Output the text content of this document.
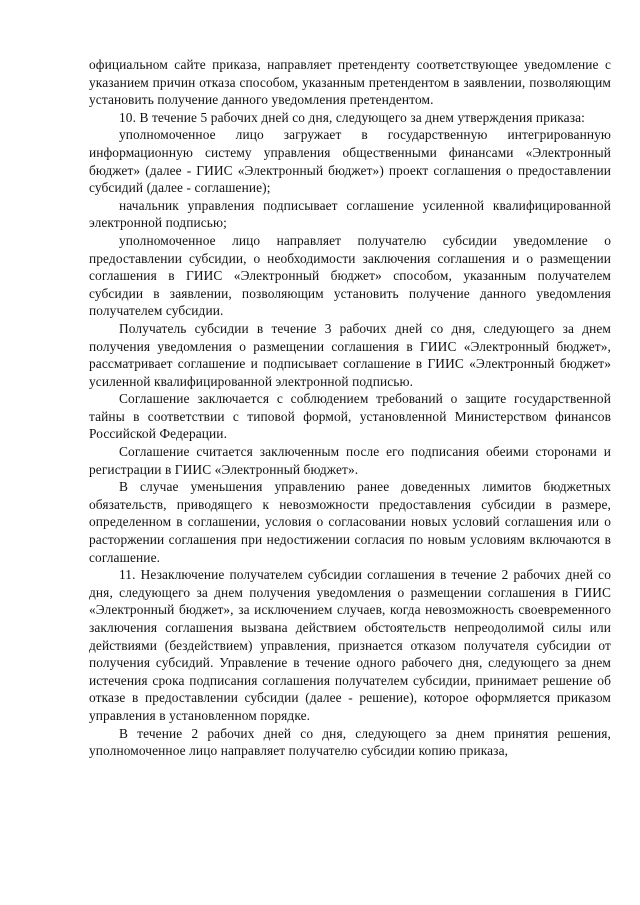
официальном сайте приказа, направляет претенденту соответствующее уведомление с указанием причин отказа способом, указанным претендентом в заявлении, позволяющим установить получение данного уведомления претендентом.

10. В течение 5 рабочих дней со дня, следующего за днем утверждения приказа:

уполномоченное лицо загружает в государственную интегрированную информационную систему управления общественными финансами «Электронный бюджет» (далее - ГИИС «Электронный бюджет») проект соглашения о предоставлении субсидий (далее - соглашение);

начальник управления подписывает соглашение усиленной квалифицированной электронной подписью;

уполномоченное лицо направляет получателю субсидии уведомление о предоставлении субсидии, о необходимости заключения соглашения и о размещении соглашения в ГИИС «Электронный бюджет» способом, указанным получателем субсидии в заявлении, позволяющим установить получение данного уведомления получателем субсидии.

Получатель субсидии в течение 3 рабочих дней со дня, следующего за днем получения уведомления о размещении соглашения в ГИИС «Электронный бюджет», рассматривает соглашение и подписывает соглашение в ГИИС «Электронный бюджет» усиленной квалифицированной электронной подписью.

Соглашение заключается с соблюдением требований о защите государственной тайны в соответствии с типовой формой, установленной Министерством финансов Российской Федерации.

Соглашение считается заключенным после его подписания обеими сторонами и регистрации в ГИИС «Электронный бюджет».

В случае уменьшения управлению ранее доведенных лимитов бюджетных обязательств, приводящего к невозможности предоставления субсидии в размере, определенном в соглашении, условия о согласовании новых условий соглашения или о расторжении соглашения при недостижении согласия по новым условиям включаются в соглашение.

11. Незаключение получателем субсидии соглашения в течение 2 рабочих дней со дня, следующего за днем получения уведомления о размещении соглашения в ГИИС «Электронный бюджет», за исключением случаев, когда невозможность своевременного заключения соглашения вызвана действием обстоятельств непреодолимой силы или действиями (бездействием) управления, признается отказом получателя субсидии от получения субсидий. Управление в течение одного рабочего дня, следующего за днем истечения срока подписания соглашения получателем субсидии, принимает решение об отказе в предоставлении субсидии (далее - решение), которое оформляется приказом управления в установленном порядке.

В течение 2 рабочих дней со дня, следующего за днем принятия решения, уполномоченное лицо направляет получателю субсидии копию приказа,
